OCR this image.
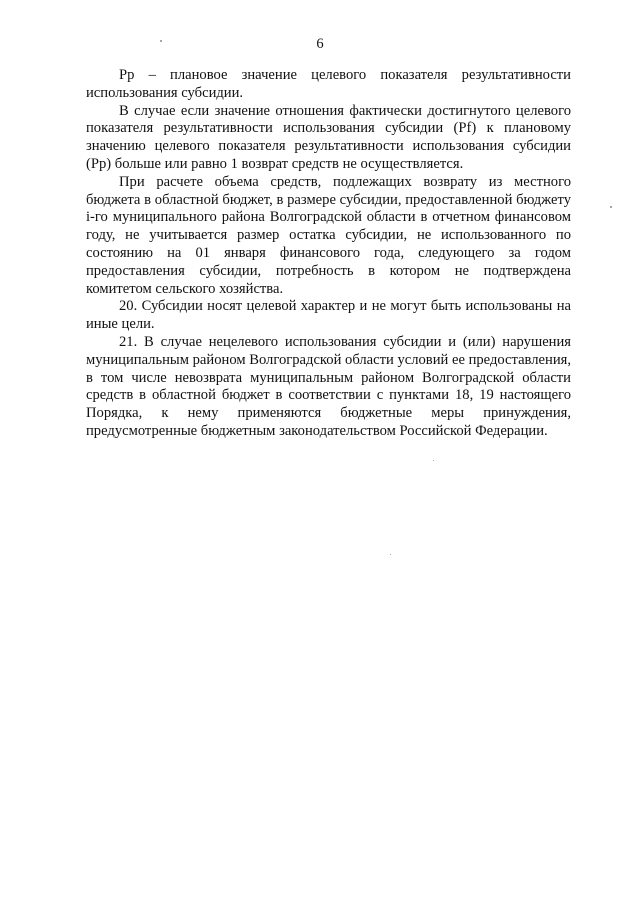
6

Рр – плановое значение целевого показателя результативности использования субсидии.

В случае если значение отношения фактически достигнутого целевого показателя результативности использования субсидии (Pf) к плановому значению целевого показателя результативности использования субсидии (Рр) больше или равно 1 возврат средств не осуществляется.

При расчете объема средств, подлежащих возврату из местного бюджета в областной бюджет, в размере субсидии, предоставленной бюджету i-го муниципального района Волгоградской области в отчетном финансовом году, не учитывается размер остатка субсидии, не использованного по состоянию на 01 января финансового года, следующего за годом предоставления субсидии, потребность в котором не подтверждена комитетом сельского хозяйства.

20. Субсидии носят целевой характер и не могут быть использованы на иные цели.

21. В случае нецелевого использования субсидии и (или) нарушения муниципальным районом Волгоградской области условий ее предоставления, в том числе невозврата муниципальным районом Волгоградской области средств в областной бюджет в соответствии с пунктами 18, 19 настоящего Порядка, к нему применяются бюджетные меры принуждения, предусмотренные бюджетным законодательством Российской Федерации.
